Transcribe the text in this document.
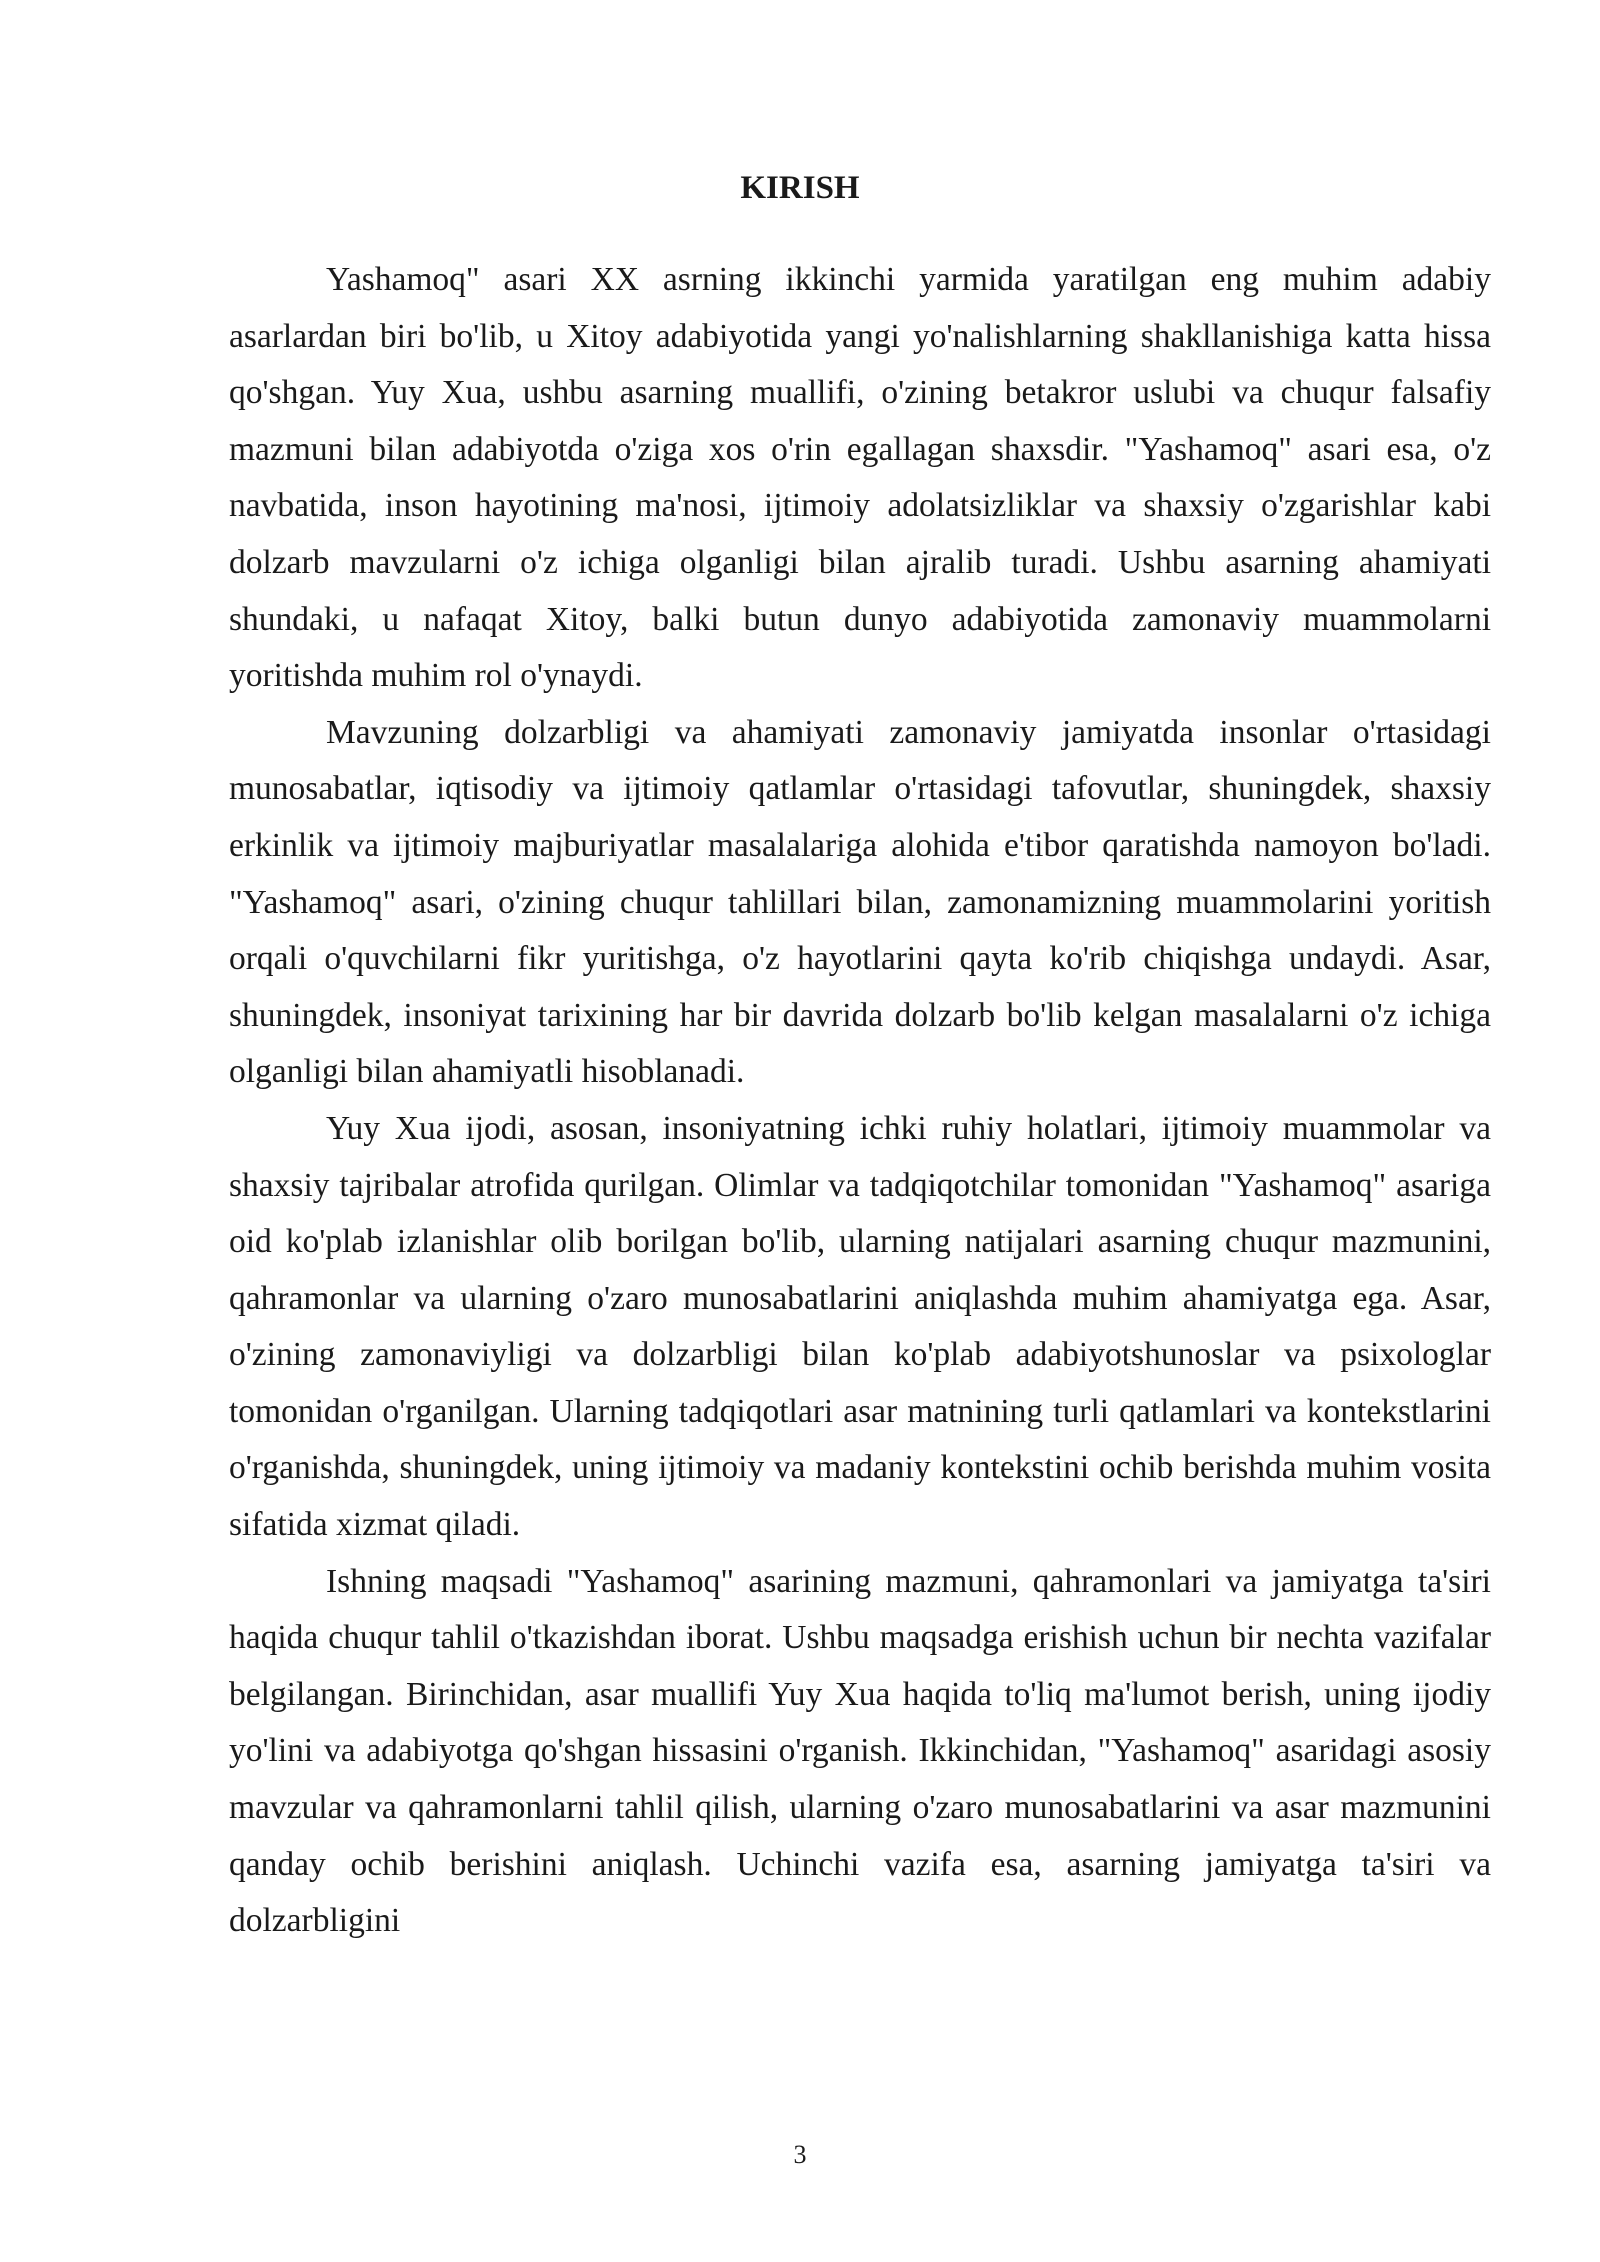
KIRISH

Yashamoq" asari XX asrning ikkinchi yarmida yaratilgan eng muhim adabiy asarlardan biri bo'lib, u Xitoy adabiyotida yangi yo'nalishlarning shakllanishiga katta hissa qo'shgan. Yuy Xua, ushbu asarning muallifi, o'zining betakror uslubi va chuqur falsafiy mazmuni bilan adabiyotda o'ziga xos o'rin egallagan shaxsdir. "Yashamoq" asari esa, o'z navbatida, inson hayotining ma'nosi, ijtimoiy adolatsizliklar va shaxsiy o'zgarishlar kabi dolzarb mavzularni o'z ichiga olganligi bilan ajralib turadi. Ushbu asarning ahamiyati shundaki, u nafaqat Xitoy, balki butun dunyo adabiyotida zamonaviy muammolarni yoritishda muhim rol o'ynaydi.

Mavzuning dolzarbligi va ahamiyati zamonaviy jamiyatda insonlar o'rtasidagi munosabatlar, iqtisodiy va ijtimoiy qatlamlar o'rtasidagi tafovutlar, shuningdek, shaxsiy erkinlik va ijtimoiy majburiyatlar masalalariga alohida e'tibor qaratishda namoyon bo'ladi. "Yashamoq" asari, o'zining chuqur tahlillari bilan, zamonamizning muammolarini yoritish orqali o'quvchilarni fikr yuritishga, o'z hayotlarini qayta ko'rib chiqishga undaydi. Asar, shuningdek, insoniyat tarixining har bir davrida dolzarb bo'lib kelgan masalalarni o'z ichiga olganligi bilan ahamiyatli hisoblanadi.

Yuy Xua ijodi, asosan, insoniyatning ichki ruhiy holatlari, ijtimoiy muammolar va shaxsiy tajribalar atrofida qurilgan. Olimlar va tadqiqotchilar tomonidan "Yashamoq" asariga oid ko'plab izlanishlar olib borilgan bo'lib, ularning natijalari asarning chuqur mazmunini, qahramonlar va ularning o'zaro munosabatlarini aniqlashda muhim ahamiyatga ega. Asar, o'zining zamonaviyligi va dolzarbligi bilan ko'plab adabiyotshunoslar va psixologlar tomonidan o'rganilgan. Ularning tadqiqotlari asar matnining turli qatlamlari va kontekstlarini o'rganishda, shuningdek, uning ijtimoiy va madaniy kontekstini ochib berishda muhim vosita sifatida xizmat qiladi.

Ishning maqsadi "Yashamoq" asarining mazmuni, qahramonlari va jamiyatga ta'siri haqida chuqur tahlil o'tkazishdan iborat. Ushbu maqsadga erishish uchun bir nechta vazifalar belgilangan. Birinchidan, asar muallifi Yuy Xua haqida to'liq ma'lumot berish, uning ijodiy yo'lini va adabiyotga qo'shgan hissasini o'rganish. Ikkinchidan, "Yashamoq" asaridagi asosiy mavzular va qahramonlarni tahlil qilish, ularning o'zaro munosabatlarini va asar mazmunini qanday ochib berishini aniqlash. Uchinchi vazifa esa, asarning jamiyatga ta'siri va dolzarbligini

3
